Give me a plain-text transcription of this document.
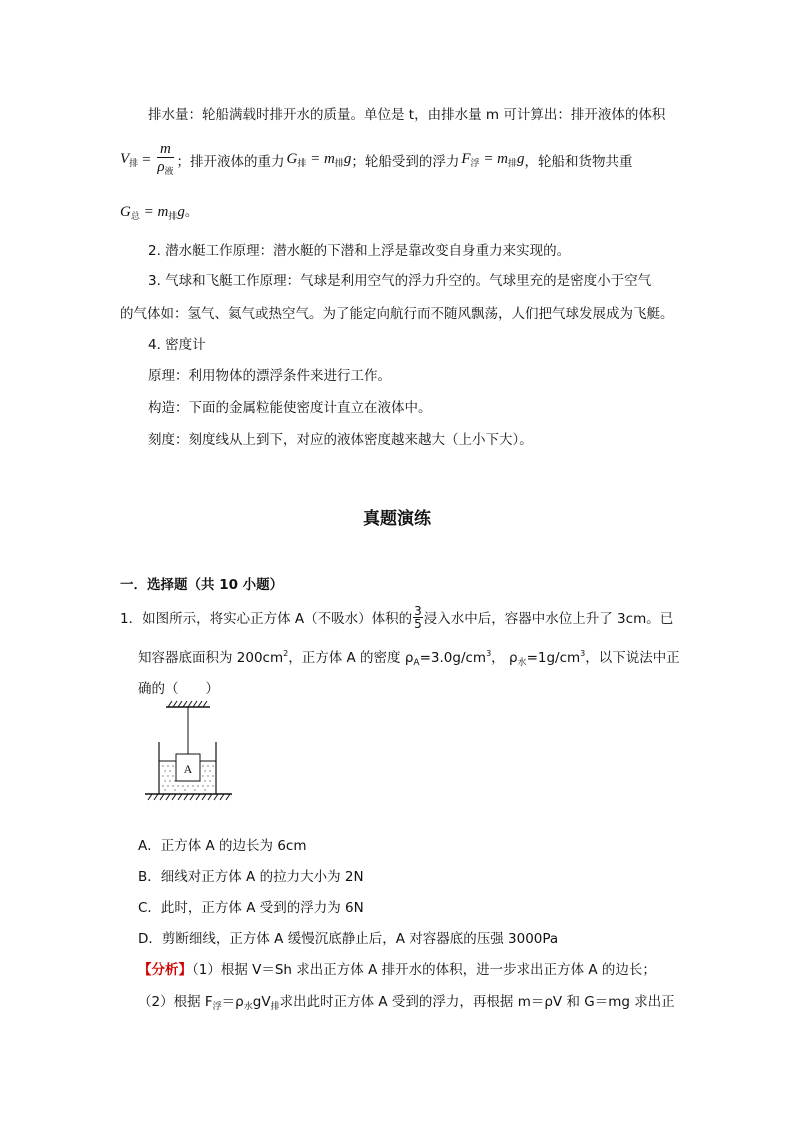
排水量：轮船满载时排开水的质量。单位是 t，由排水量 m 可计算出：排开液体的体积
$V_排 = \frac{m}{\rho_液}$ ；排开液体的重力 $G_排 = m_排g$ ；轮船受到的浮力 $F_浮 = m_排g$ ，轮船和货物共重
$G_总 = m_排g$。
2. 潜水艇工作原理：潜水艇的下潜和上浮是靠改变自身重力来实现的。
3. 气球和飞艇工作原理：气球是利用空气的浮力升空的。气球里充的是密度小于空气
的气体如：氢气、氦气或热空气。为了能定向航行而不随风飘荡，人们把气球发展成为飞艇。
4. 密度计
原理：利用物体的漂浮条件来进行工作。
构造：下面的金属粒能使密度计直立在液体中。
刻度：刻度线从上到下，对应的液体密度越来越大（上小下大）。
真题演练
一．选择题（共 10 小题）
1．如图所示，将实心正方体 A（不吸水）体积的 $\frac{3}{5}$ 浸入水中后，容器中水位上升了 3cm。已
知容器底面积为 $200cm^2$，正方体 A 的密度 $\rho_A=3.0g/cm^3$， $\rho_水=1g/cm^3$，以下说法中正
确的（　　）
A
A．正方体 A 的边长为 6cm
B．细线对正方体 A 的拉力大小为 2N
C．此时，正方体 A 受到的浮力为 6N
D．剪断细线，正方体 A 缓慢沉底静止后，A 对容器底的压强 3000Pa
【分析】（1）根据 V＝Sh 求出正方体 A 排开水的体积，进一步求出正方体 A 的边长；
（2）根据 $F_浮=\rho_水gV_排$求出此时正方体 A 受到的浮力，再根据 m＝ρV 和 G＝mg 求出正
